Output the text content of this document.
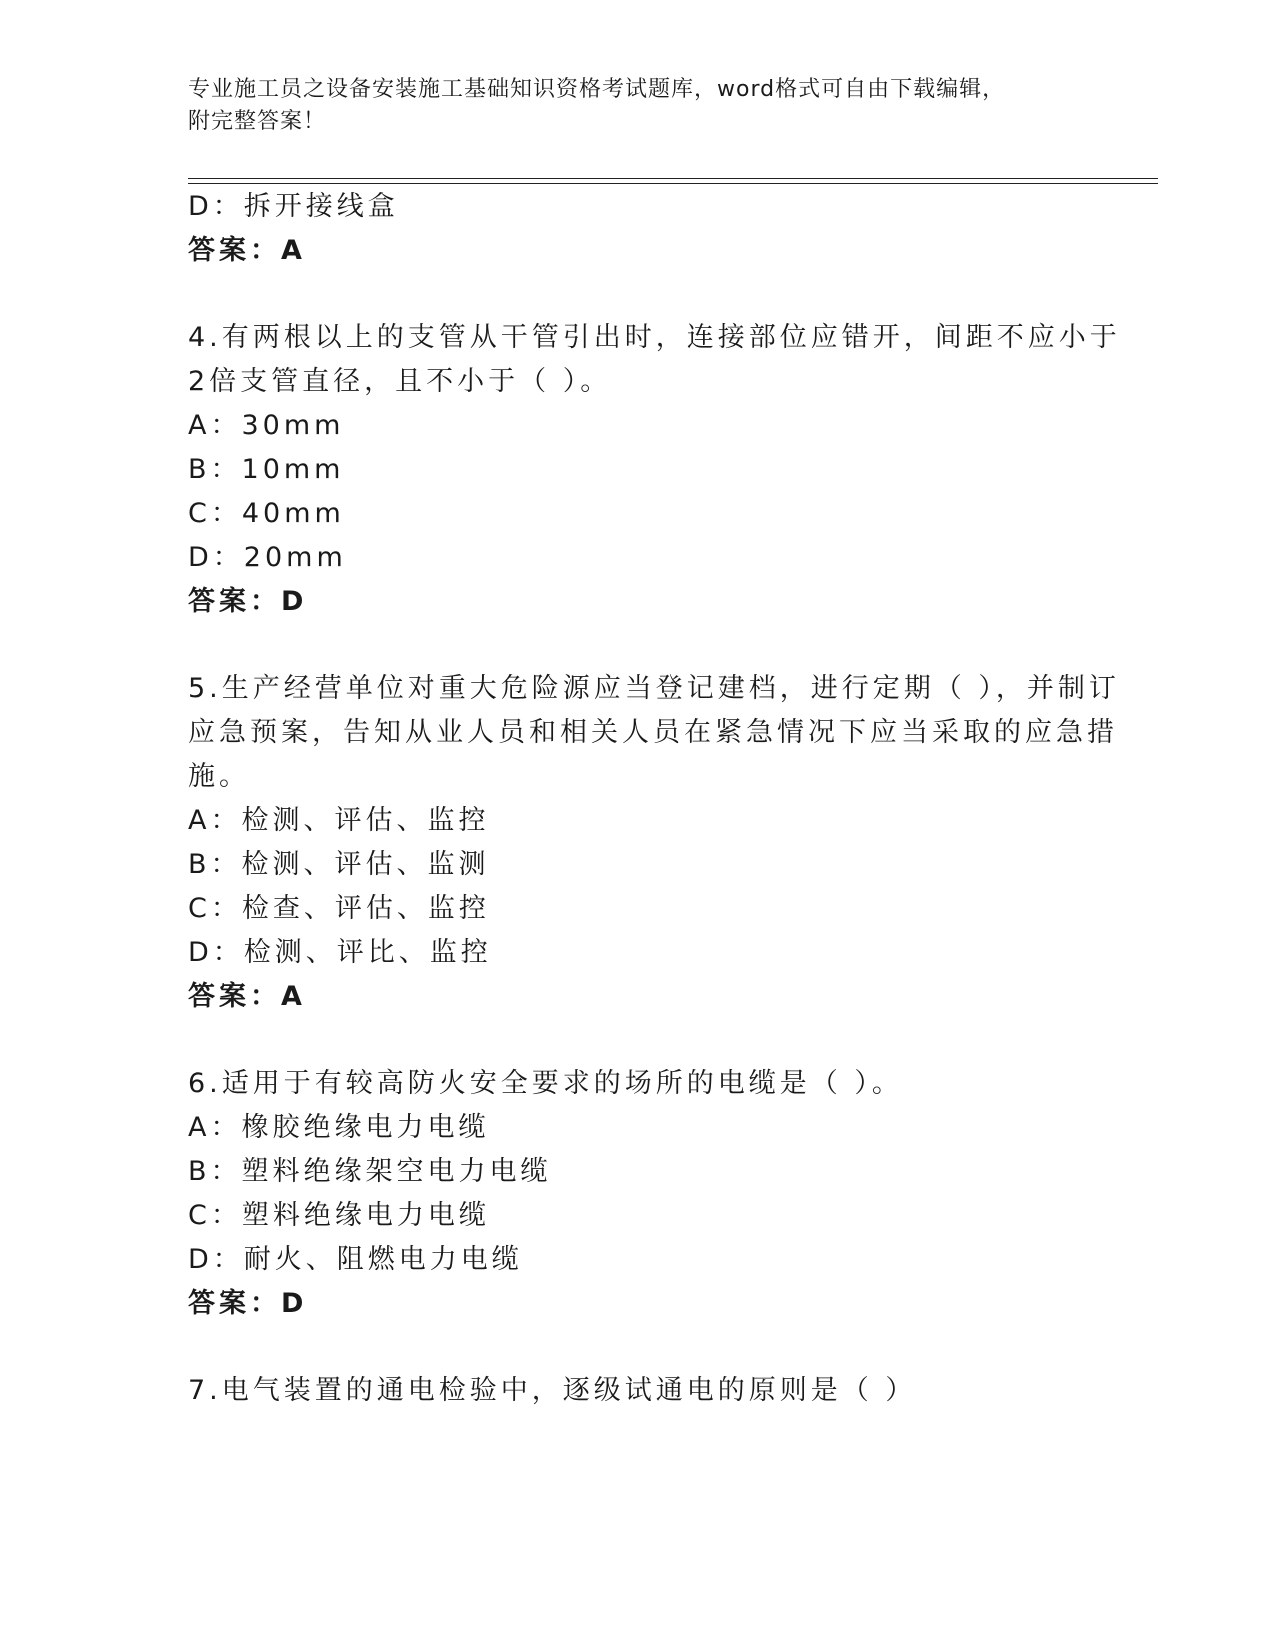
专业施工员之设备安装施工基础知识资格考试题库，word格式可自由下载编辑，
附完整答案！
D：拆开接线盒
答案：A
4.有两根以上的支管从干管引出时，连接部位应错开，间距不应小于
2倍支管直径，且不小于（ ）。
A：30mm
B：10mm
C：40mm
D：20mm
答案：D
5.生产经营单位对重大危险源应当登记建档，进行定期（ ），并制订
应急预案，告知从业人员和相关人员在紧急情况下应当采取的应急措
施。
A：检测、评估、监控
B：检测、评估、监测
C：检查、评估、监控
D：检测、评比、监控
答案：A
6.适用于有较高防火安全要求的场所的电缆是（ ）。
A：橡胶绝缘电力电缆
B：塑料绝缘架空电力电缆
C：塑料绝缘电力电缆
D：耐火、阻燃电力电缆
答案：D
7.电气装置的通电检验中，逐级试通电的原则是（ ）
